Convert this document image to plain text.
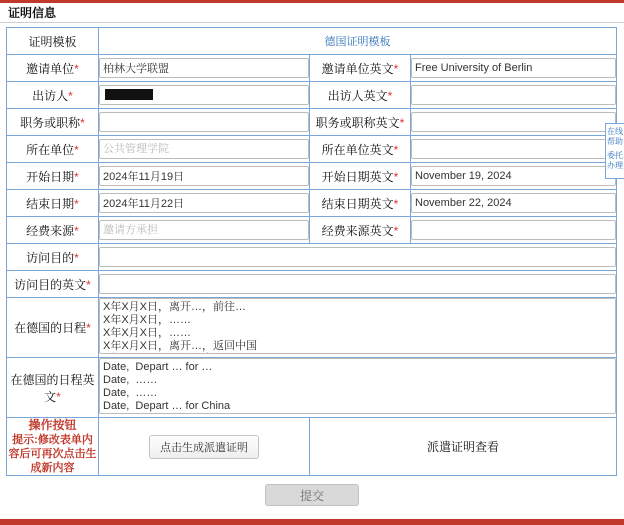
证明信息
证明模板	德国证明模板		
邀请单位*	柏林大学联盟	邀请单位英文*	Free University of Berlin
出访人*		出访人英文*	
职务或职称*		职务或职称英文*	
所在单位*	公共管理学院	所在单位英文*	
开始日期*	2024年11月19日	开始日期英文*	November 19, 2024
结束日期*	2024年11月22日	结束日期英文*	November 22, 2024
经费来源*	邀请方承担	经费来源英文*	
访问目的*	
访问目的英文*	
在德国的日程*	X年X月X日，离开…，前往… X年X月X日，…… X年X月X日，…… X年X月X日，离开…，返回中国 X年X月X日，到达国内
在德国的日程英文*	Date, Depart … for … Date, …… Date, …… Date, Depart … for China Date, Arrive in …

操作按钮
提示:修改表单内容后可再次点击生成新内容	点击生成派遣证明	派遣证明查看	
提交
在线
帮助
委托
办理
